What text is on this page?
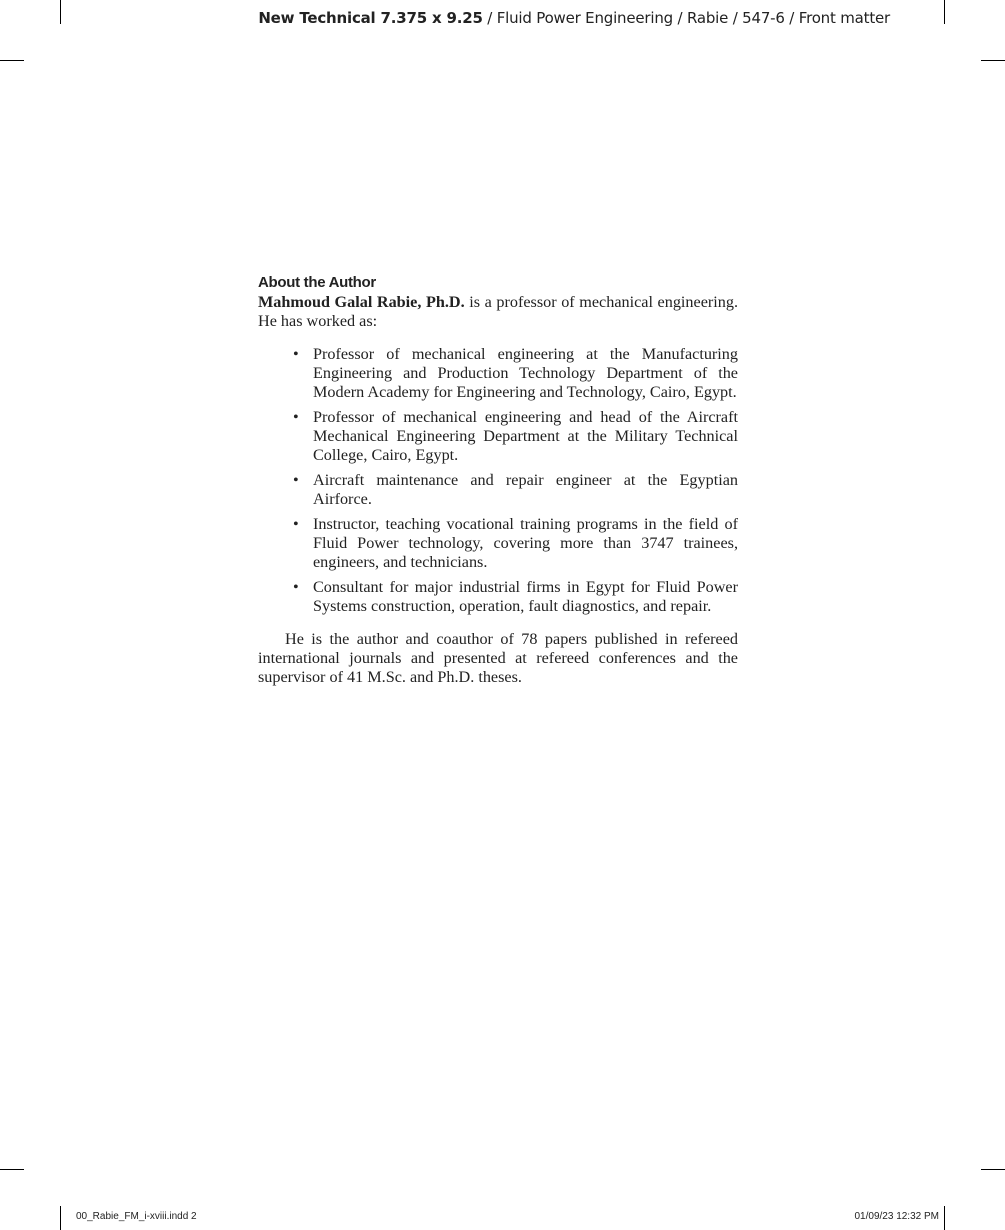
New Technical 7.375 x 9.25 / Fluid Power Engineering / Rabie / 547-6 / Front matter
About the Author

Mahmoud Galal Rabie, Ph.D. is a professor of mechanical engineering. He has worked as:

• Professor of mechanical engineering at the Manufacturing Engineering and Production Technology Department of the Modern Academy for Engineering and Technology, Cairo, Egypt.
• Professor of mechanical engineering and head of the Aircraft Mechanical Engineering Department at the Military Technical College, Cairo, Egypt.
• Aircraft maintenance and repair engineer at the Egyptian Airforce.
• Instructor, teaching vocational training programs in the field of Fluid Power technology, covering more than 3747 trainees, engineers, and technicians.
• Consultant for major industrial firms in Egypt for Fluid Power Systems construction, operation, fault diagnostics, and repair.

He is the author and coauthor of 78 papers published in refereed international journals and presented at refereed conferences and the supervisor of 41 M.Sc. and Ph.D. theses.

00_Rabie_FM_i-xviii.indd 2	01/09/23 12:32 PM
